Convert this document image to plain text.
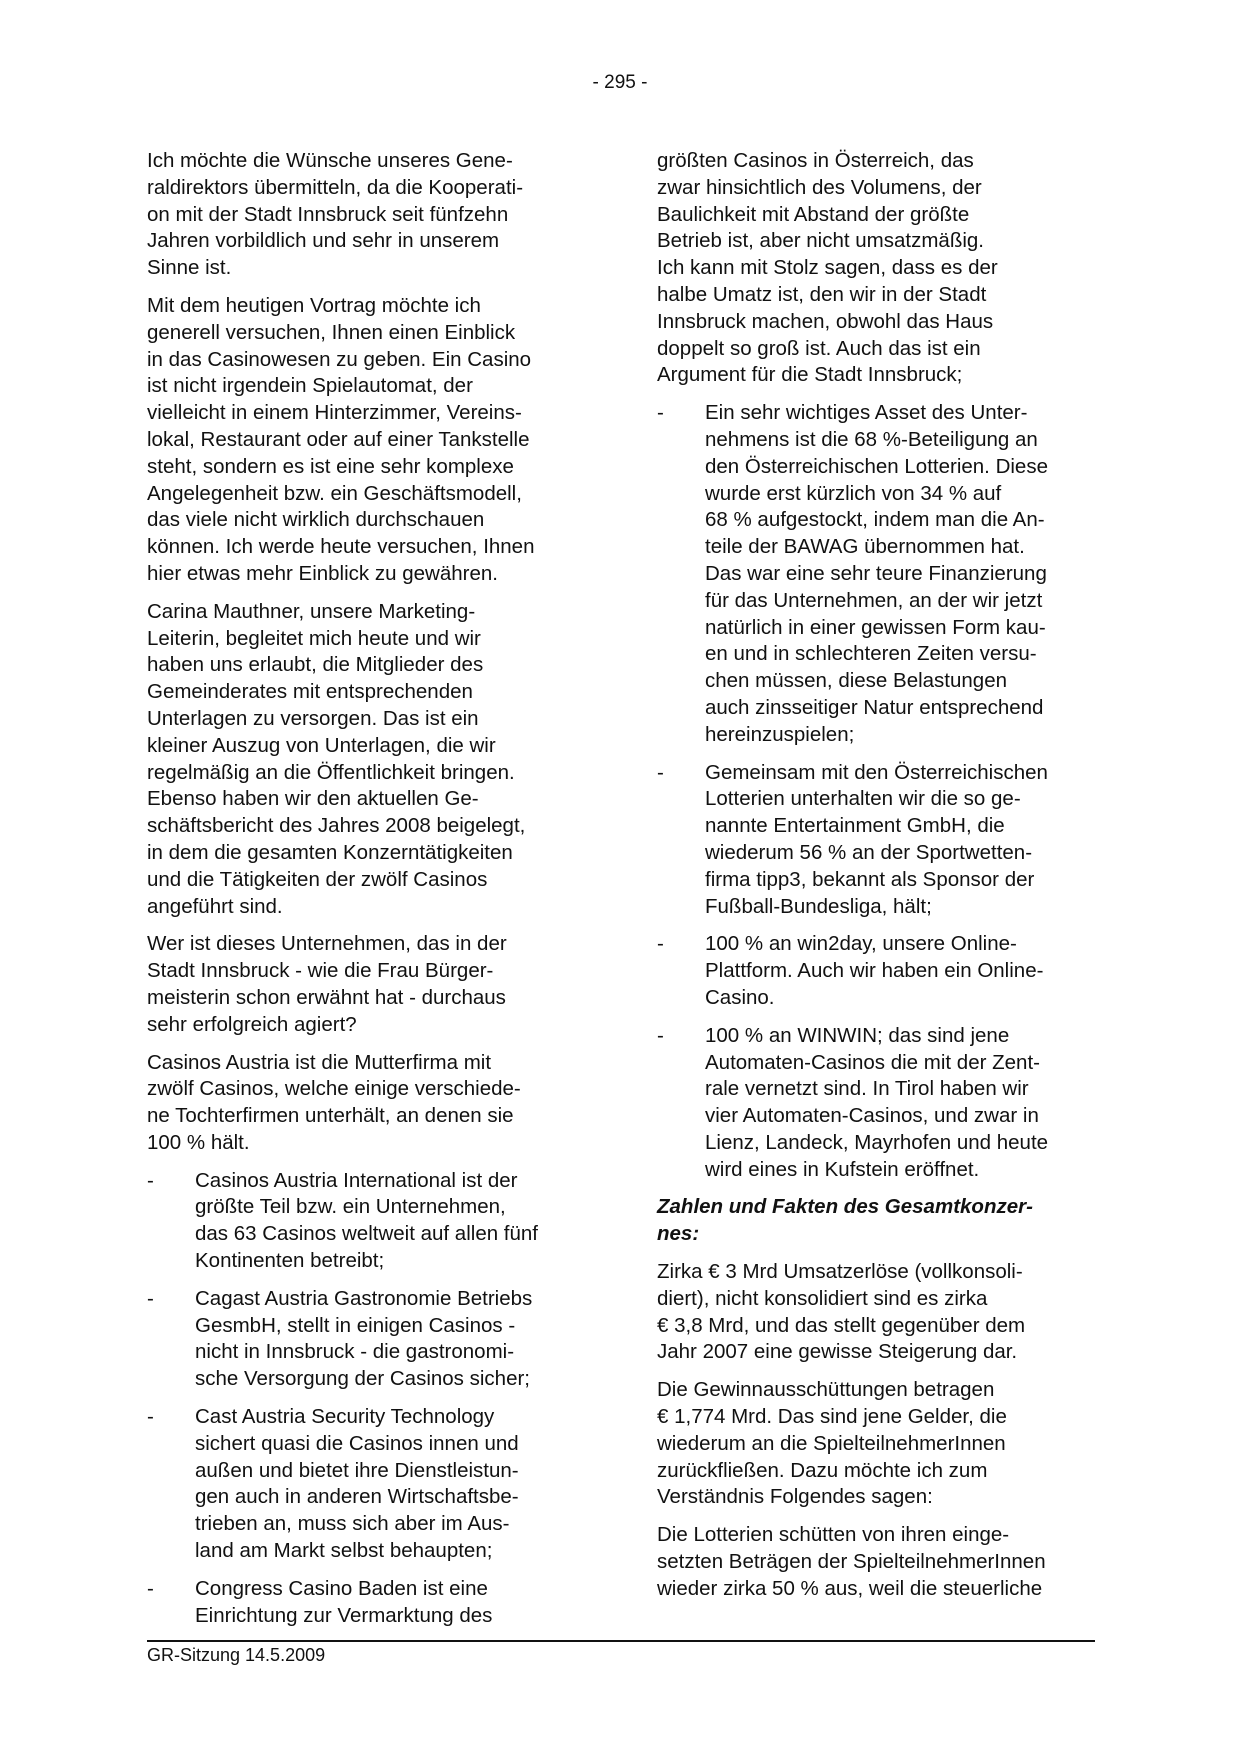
- 295 -
Ich möchte die Wünsche unseres Gene-
raldirektors übermitteln, da die Kooperati-
on mit der Stadt Innsbruck seit fünfzehn
Jahren vorbildlich und sehr in unserem
Sinne ist.
Mit dem heutigen Vortrag möchte ich
generell versuchen, Ihnen einen Einblick
in das Casinowesen zu geben. Ein Casino
ist nicht irgendein Spielautomat, der
vielleicht in einem Hinterzimmer, Vereins-
lokal, Restaurant oder auf einer Tankstelle
steht, sondern es ist eine sehr komplexe
Angelegenheit bzw. ein Geschäftsmodell,
das viele nicht wirklich durchschauen
können. Ich werde heute versuchen, Ihnen
hier etwas mehr Einblick zu gewähren.
Carina Mauthner, unsere Marketing-
Leiterin, begleitet mich heute und wir
haben uns erlaubt, die Mitglieder des
Gemeinderates mit entsprechenden
Unterlagen zu versorgen. Das ist ein
kleiner Auszug von Unterlagen, die wir
regelmäßig an die Öffentlichkeit bringen.
Ebenso haben wir den aktuellen Ge-
schäftsbericht des Jahres 2008 beigelegt,
in dem die gesamten Konzerntätigkeiten
und die Tätigkeiten der zwölf Casinos
angeführt sind.
Wer ist dieses Unternehmen, das in der
Stadt Innsbruck - wie die Frau Bürger-
meisterin schon erwähnt hat - durchaus
sehr erfolgreich agiert?
Casinos Austria ist die Mutterfirma mit
zwölf Casinos, welche einige verschiede-
ne Tochterfirmen unterhält, an denen sie
100 % hält.
- Casinos Austria International ist der
größte Teil bzw. ein Unternehmen,
das 63 Casinos weltweit auf allen fünf
Kontinenten betreibt;
- Cagast Austria Gastronomie Betriebs
GesmbH, stellt in einigen Casinos -
nicht in Innsbruck - die gastronomi-
sche Versorgung der Casinos sicher;
- Cast Austria Security Technology
sichert quasi die Casinos innen und
außen und bietet ihre Dienstleistun-
gen auch in anderen Wirtschaftsbe-
trieben an, muss sich aber im Aus-
land am Markt selbst behaupten;
- Congress Casino Baden ist eine
Einrichtung zur Vermarktung des
größten Casinos in Österreich, das
zwar hinsichtlich des Volumens, der
Baulichkeit mit Abstand der größte
Betrieb ist, aber nicht umsatzmäßig.
Ich kann mit Stolz sagen, dass es der
halbe Umatz ist, den wir in der Stadt
Innsbruck machen, obwohl das Haus
doppelt so groß ist. Auch das ist ein
Argument für die Stadt Innsbruck;
- Ein sehr wichtiges Asset des Unter-
nehmens ist die 68 %-Beteiligung an
den Österreichischen Lotterien. Diese
wurde erst kürzlich von 34 % auf
68 % aufgestockt, indem man die An-
teile der BAWAG übernommen hat.
Das war eine sehr teure Finanzierung
für das Unternehmen, an der wir jetzt
natürlich in einer gewissen Form kau-
en und in schlechteren Zeiten versu-
chen müssen, diese Belastungen
auch zinsseitiger Natur entsprechend
hereinzuspielen;
- Gemeinsam mit den Österreichischen
Lotterien unterhalten wir die so ge-
nannte Entertainment GmbH, die
wiederum 56 % an der Sportwetten-
firma tipp3, bekannt als Sponsor der
Fußball-Bundesliga, hält;
- 100 % an win2day, unsere Online-
Plattform. Auch wir haben ein Online-
Casino.
- 100 % an WINWIN; das sind jene
Automaten-Casinos die mit der Zent-
rale vernetzt sind. In Tirol haben wir
vier Automaten-Casinos, und zwar in
Lienz, Landeck, Mayrhofen und heute
wird eines in Kufstein eröffnet.
Zahlen und Fakten des Gesamtkonzer-
nes:
Zirka € 3 Mrd Umsatzerlöse (vollkonsoli-
diert), nicht konsolidiert sind es zirka
€ 3,8 Mrd, und das stellt gegenüber dem
Jahr 2007 eine gewisse Steigerung dar.
Die Gewinnausschüttungen betragen
€ 1,774 Mrd. Das sind jene Gelder, die
wiederum an die SpielteilnehmerInnen
zurückfließen. Dazu möchte ich zum
Verständnis Folgendes sagen:
Die Lotterien schütten von ihren einge-
setzten Beträgen der SpielteilnehmerInnen
wieder zirka 50 % aus, weil die steuerliche
GR-Sitzung 14.5.2009
